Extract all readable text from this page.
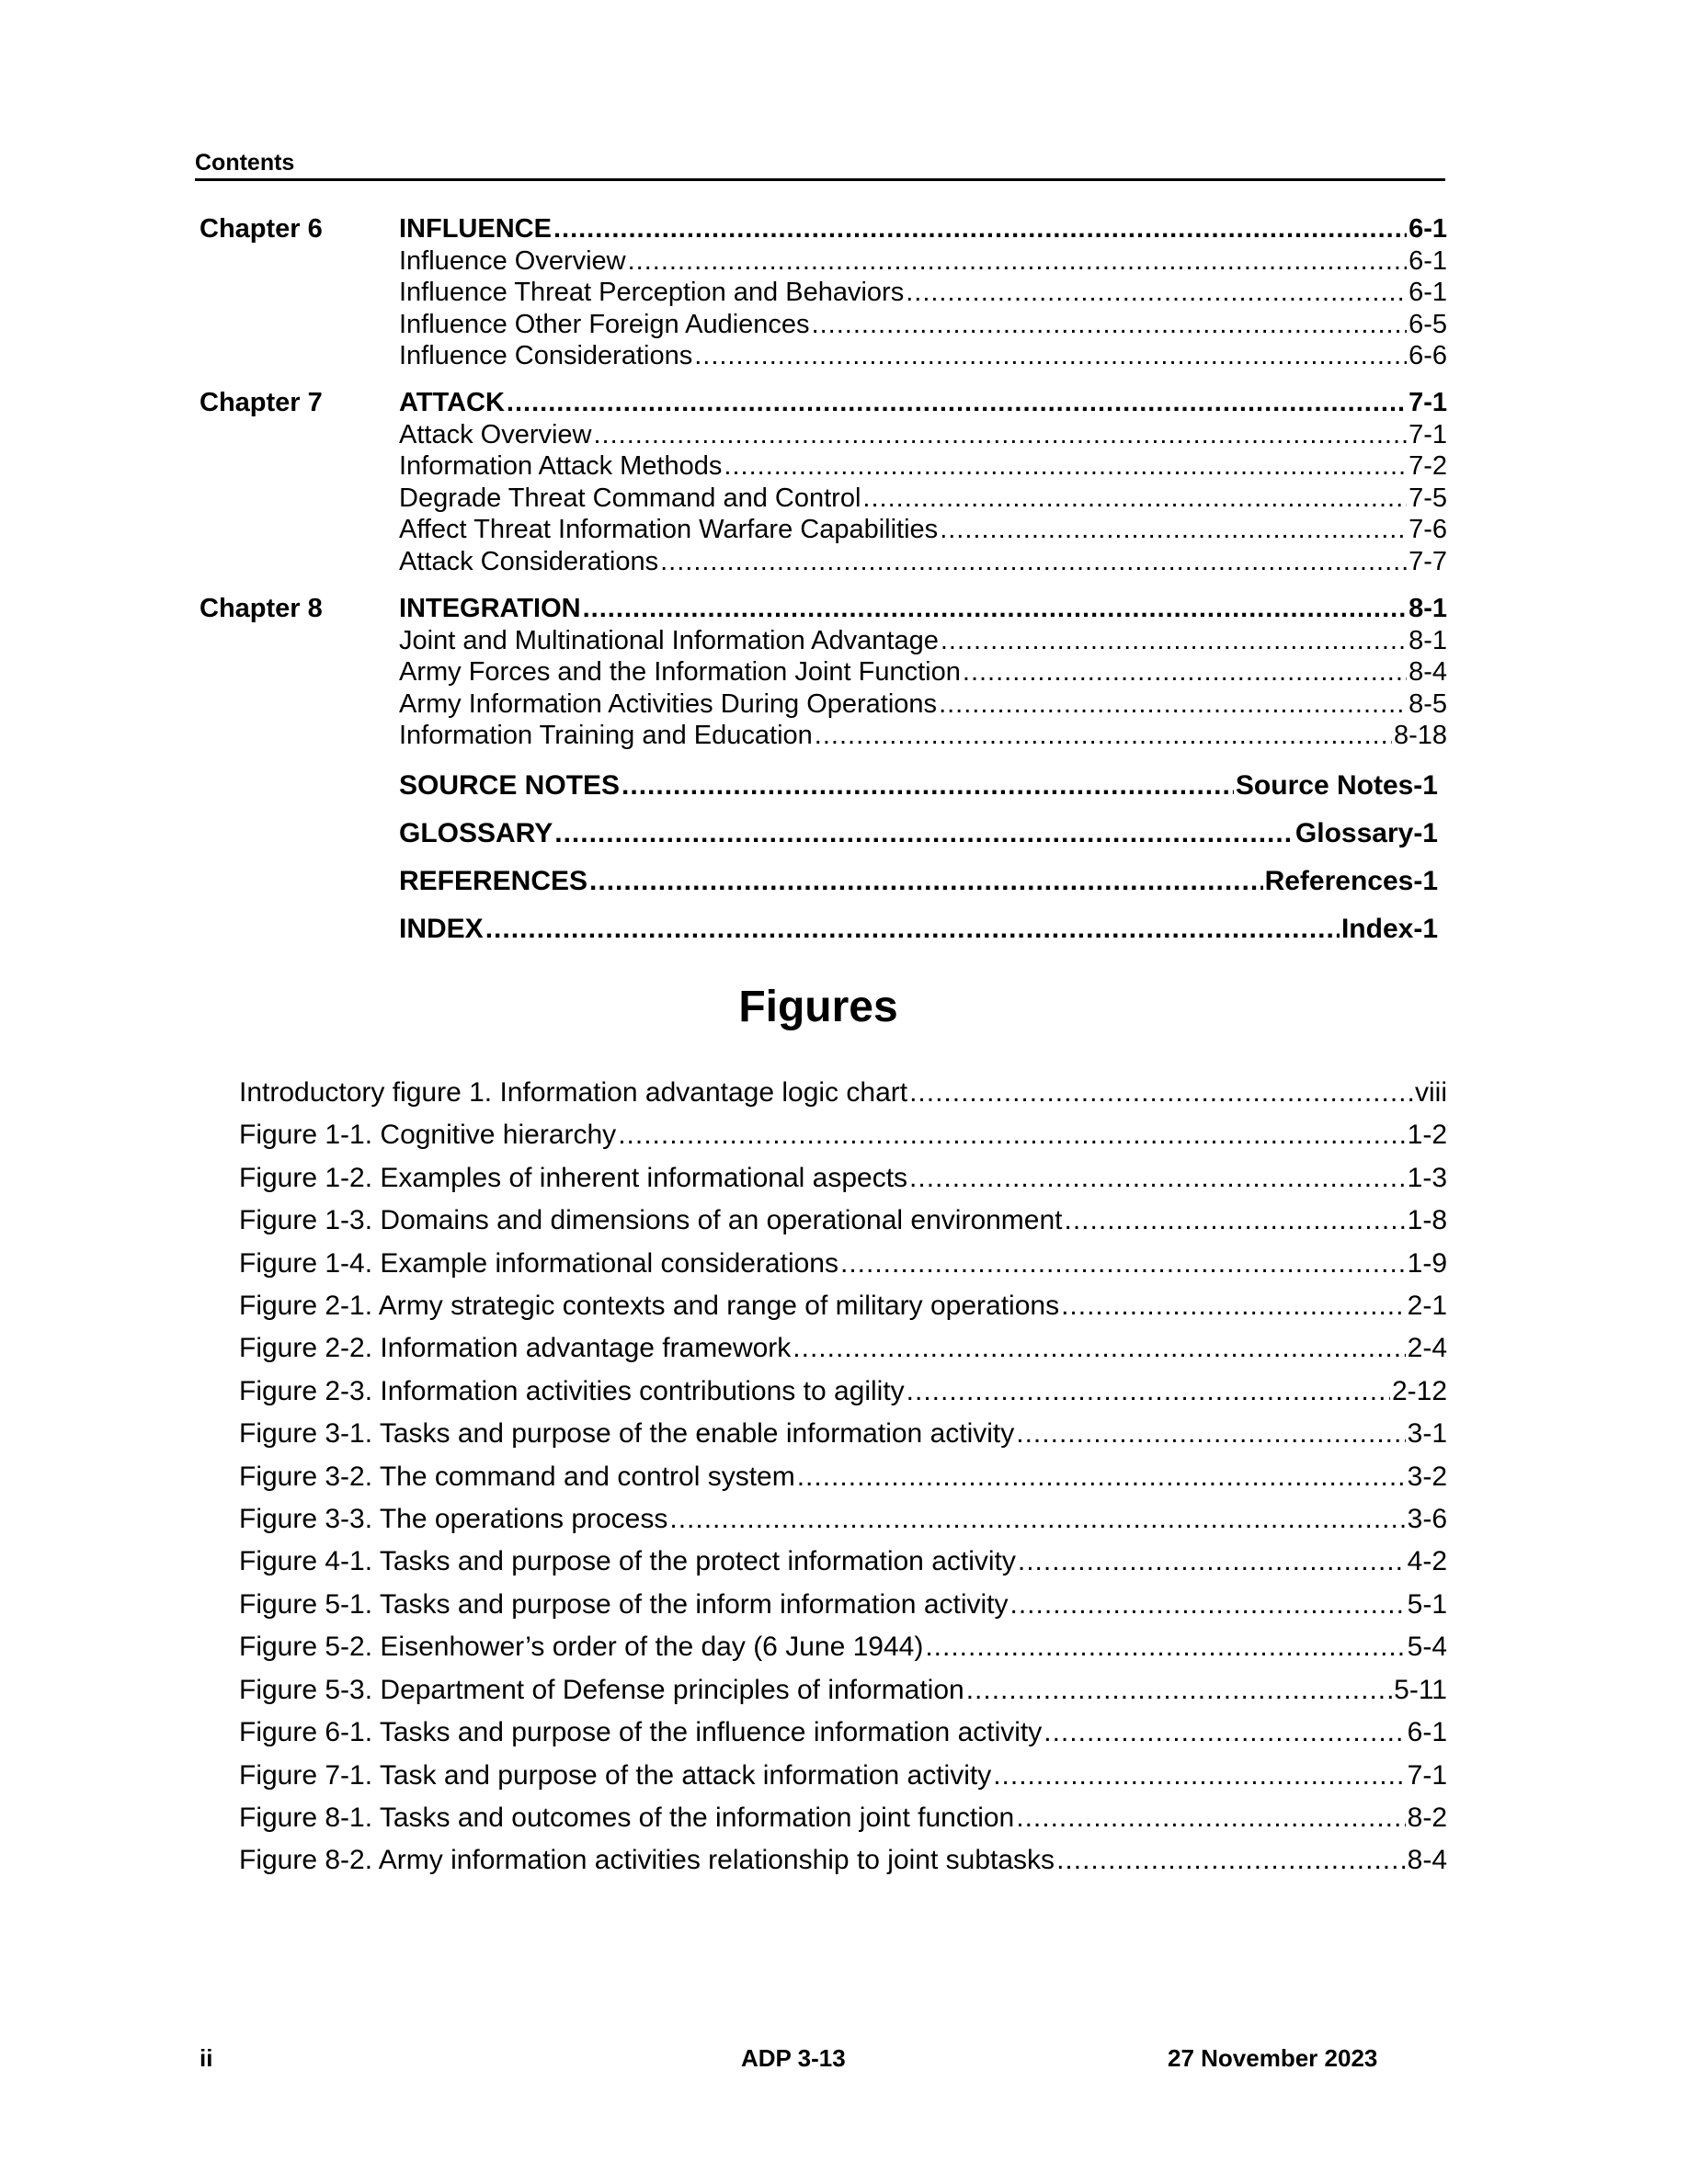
Contents
Chapter 6	INFLUENCE .....	6-1
Influence Overview .....	6-1
Influence Threat Perception and Behaviors .....	6-1
Influence Other Foreign Audiences .....	6-5
Influence Considerations .....	6-6
Chapter 7	ATTACK .....	7-1
Attack Overview .....	7-1
Information Attack Methods .....	7-2
Degrade Threat Command and Control .....	7-5
Affect Threat Information Warfare Capabilities .....	7-6
Attack Considerations .....	7-7
Chapter 8	INTEGRATION .....	8-1
Joint and Multinational Information Advantage .....	8-1
Army Forces and the Information Joint Function .....	8-4
Army Information Activities During Operations .....	8-5
Information Training and Education .....	8-18
SOURCE NOTES .....	Source Notes-1
GLOSSARY .....	Glossary-1
REFERENCES .....	References-1
INDEX .....	Index-1
Figures
Introductory figure 1. Information advantage logic chart .....	viii
Figure 1-1. Cognitive hierarchy .....	1-2
Figure 1-2. Examples of inherent informational aspects .....	1-3
Figure 1-3. Domains and dimensions of an operational environment .....	1-8
Figure 1-4. Example informational considerations .....	1-9
Figure 2-1. Army strategic contexts and range of military operations .....	2-1
Figure 2-2. Information advantage framework .....	2-4
Figure 2-3. Information activities contributions to agility .....	2-12
Figure 3-1. Tasks and purpose of the enable information activity .....	3-1
Figure 3-2. The command and control system .....	3-2
Figure 3-3. The operations process .....	3-6
Figure 4-1. Tasks and purpose of the protect information activity .....	4-2
Figure 5-1. Tasks and purpose of the inform information activity .....	5-1
Figure 5-2. Eisenhower’s order of the day (6 June 1944) .....	5-4
Figure 5-3. Department of Defense principles of information .....	5-11
Figure 6-1. Tasks and purpose of the influence information activity .....	6-1
Figure 7-1. Task and purpose of the attack information activity .....	7-1
Figure 8-1. Tasks and outcomes of the information joint function .....	8-2
Figure 8-2. Army information activities relationship to joint subtasks .....	8-4
ii	ADP 3-13	27 November 2023
